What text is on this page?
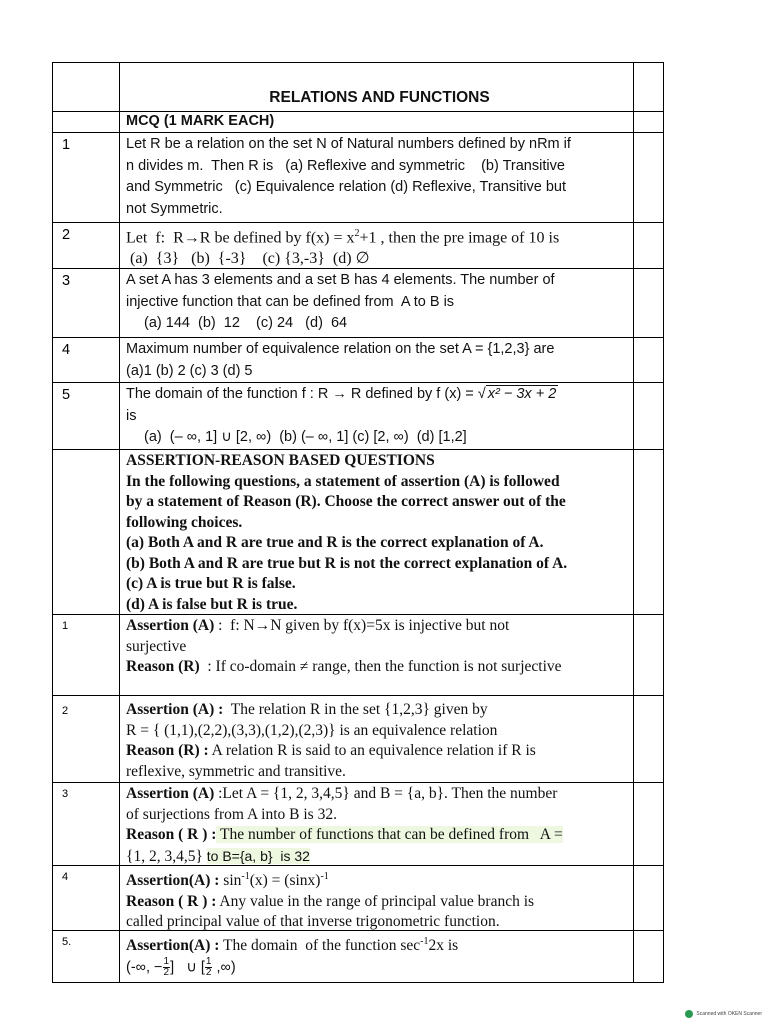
RELATIONS AND FUNCTIONS
MCQ (1 MARK EACH)
1	Let R be a relation on the set N of Natural numbers defined by nRm if
n divides m.  Then R is   (a) Reflexive and symmetric    (b) Transitive
and Symmetric   (c) Equivalence relation (d) Reflexive, Transitive but
not Symmetric.
2	Let  f:  R→R be defined by $f(x) = x^2+1$ , then the pre image of 10 is
(a)  {3}   (b)  {-3}    (c) {3,-3}  (d) ∅
3	A set A has 3 elements and a set B has 4 elements. The number of
injective function that can be defined from  A to B is
(a) 144  (b)  12    (c) 24   (d)  64
4	Maximum number of equivalence relation on the set A = {1,2,3} are
(a)1 (b) 2 (c) 3 (d) 5
5	The domain of the function f : R → R defined by f (x) = √ x² − 3x + 2
is
(a)  (– ∞, 1] ∪ [2, ∞)  (b) (– ∞, 1] (c) [2, ∞)  (d) [1,2]
ASSERTION-REASON BASED QUESTIONS
In the following questions, a statement of assertion (A) is followed
by a statement of Reason (R). Choose the correct answer out of the
following choices.
(a) Both A and R are true and R is the correct explanation of A.
(b) Both A and R are true but R is not the correct explanation of A.
(c) A is true but R is false.
(d) A is false but R is true.
1	Assertion (A) :  f: N→N given by f(x)=5x is injective but not
surjective
Reason (R)  : If co-domain ≠ range, then the function is not surjective
2	Assertion (A) :  The relation R in the set {1,2,3} given by
R = { (1,1),(2,2),(3,3),(1,2),(2,3)} is an equivalence relation
Reason (R) : A relation R is said to an equivalence relation if R is
reflexive, symmetric and transitive.
3	Assertion (A) :Let A = {1, 2, 3,4,5} and B = {a, b}. Then the number
of surjections from A into B is 32.
Reason ( R ) : The number of functions that can be defined from   A =
{1, 2, 3,4,5} to B={a, b}  is 32
4	Assertion(A) : $\sin^{-1}(x) = (\sin x)^{-1}$
Reason ( R ) : Any value in the range of principal value branch is
called principal value of that inverse trigonometric function.
5.	Assertion(A) : The domain  of the function $\sec^{-1}2x$ is
(-∞, − $\frac{1}{2}$ ]   ∪ [ $\frac{1}{2}$ ,∞)
Scanned with OKEN Scanner
